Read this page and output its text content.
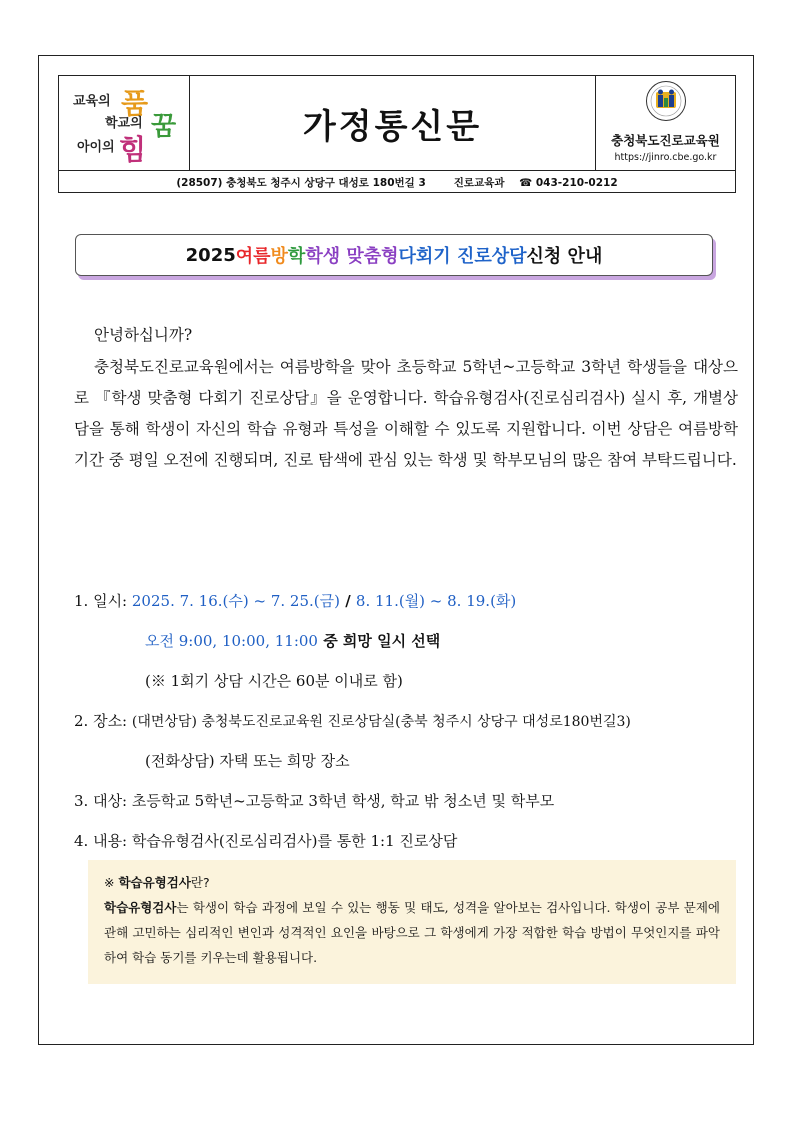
교육의 품
학교의 꿈
아이의 힘
가정통신문	충청북도진로교육원
https://jinro.cbe.go.kr
(28507) 충청북도 청주시 상당구 대성로 180번길 3	진로교육과 ☎ 043-210-0212
2025 여름 방 학 학생 맞춤형 다회기 진로상담 신청 안내
안녕하십니까?
충청북도진로교육원에서는 여름방학을 맞아 초등학교 5학년~고등학교 3학년 학생들을 대상으로 『학생 맞춤형 다회기 진로상담』을 운영합니다. 학습유형검사(진로심리검사) 실시 후, 개별상담을 통해 학생이 자신의 학습 유형과 특성을 이해할 수 있도록 지원합니다. 이번 상담은 여름방학 기간 중 평일 오전에 진행되며, 진로 탐색에 관심 있는 학생 및 학부모님의 많은 참여 부탁드립니다.
1. 일시: 2025. 7. 16.(수) ~ 7. 25.(금) / 8. 11.(월) ~ 8. 19.(화)
오전 9:00, 10:00, 11:00 중 희망 일시 선택
(※ 1회기 상담 시간은 60분 이내로 함)
2. 장소: (대면상담) 충청북도진로교육원 진로상담실(충북 청주시 상당구 대성로180번길3)
(전화상담) 자택 또는 희망 장소
3. 대상: 초등학교 5학년~고등학교 3학년 학생, 학교 밖 청소년 및 학부모
4. 내용: 학습유형검사(진로심리검사)를 통한 1:1 진로상담
※ 학습유형검사란?
학습유형검사는 학생이 학습 과정에 보일 수 있는 행동 및 태도, 성격을 알아보는 검사입니다. 학생이 공부 문제에 관해 고민하는 심리적인 변인과 성격적인 요인을 바탕으로 그 학생에게 가장 적합한 학습 방법이 무엇인지를 파악하여 학습 동기를 키우는데 활용됩니다.
